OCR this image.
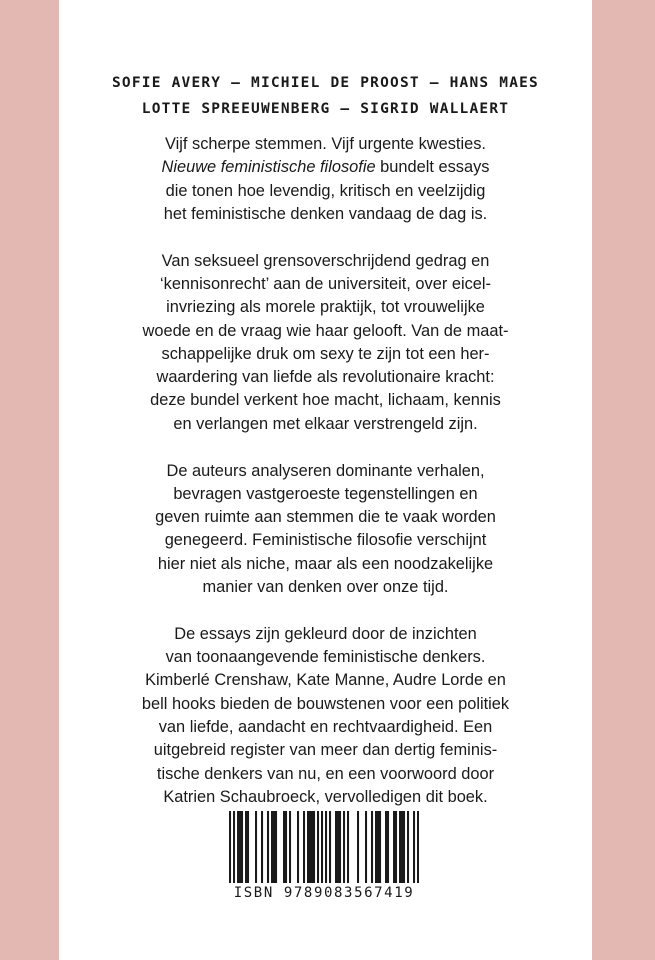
SOFIE AVERY — MICHIEL DE PROOST — HANS MAES
LOTTE SPREEUWENBERG — SIGRID WALLAERT
Vijf scherpe stemmen. Vijf urgente kwesties.
Nieuwe feministische filosofie bundelt essays
die tonen hoe levendig, kritisch en veelzijdig
het feministische denken vandaag de dag is.
Van seksueel grensoverschrijdend gedrag en
‘kennisonrecht’ aan de universiteit, over eicel-
invriezing als morele praktijk, tot vrouwelijke
woede en de vraag wie haar gelooft. Van de maat-
schappelijke druk om sexy te zijn tot een her-
waardering van liefde als revolutionaire kracht:
deze bundel verkent hoe macht, lichaam, kennis
en verlangen met elkaar verstrengeld zijn.
De auteurs analyseren dominante verhalen,
bevragen vastgeroeste tegenstellingen en
geven ruimte aan stemmen die te vaak worden
genegeerd. Feministische filosofie verschijnt
hier niet als niche, maar als een noodzakelijke
manier van denken over onze tijd.
De essays zijn gekleurd door de inzichten
van toonaangevende feministische denkers.
Kimberlé Crenshaw, Kate Manne, Audre Lorde en
bell hooks bieden de bouwstenen voor een politiek
van liefde, aandacht en rechtvaardigheid. Een
uitgebreid register van meer dan dertig feminis-
tische denkers van nu, en een voorwoord door
Katrien Schaubroeck, vervolledigen dit boek.
ISBN 9789083567419
